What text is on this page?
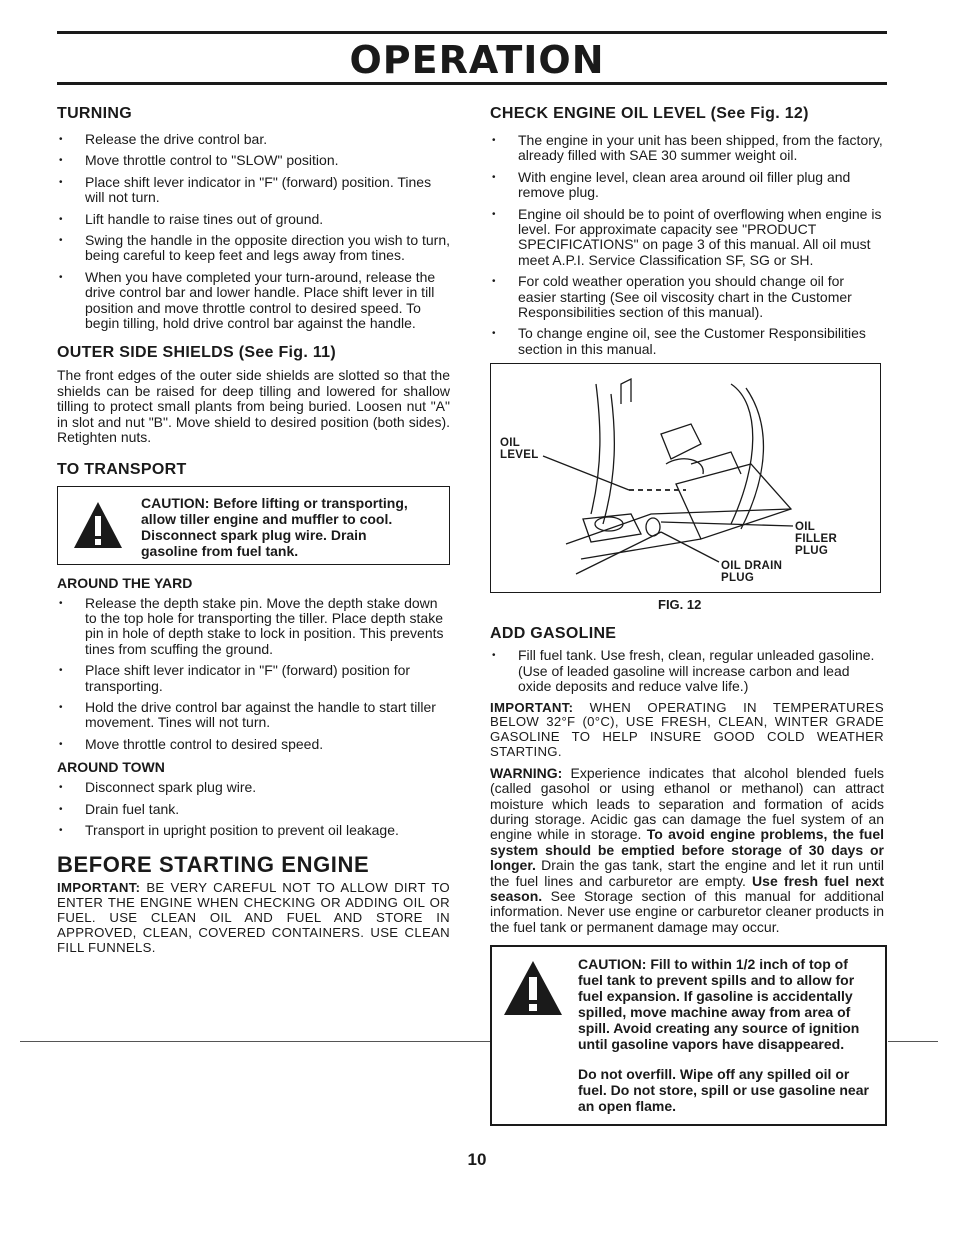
OPERATION
TURNING
• Release the drive control bar.
• Move throttle control to "SLOW" position.
• Place shift lever indicator in "F" (forward) position. Tines will not turn.
• Lift handle to raise tines out of ground.
• Swing the handle in the opposite direction you wish to turn, being careful to keep feet and legs away from tines.
• When you have completed your turn-around, release the drive control bar and lower handle. Place shift lever in till position and move throttle control to desired speed. To begin tilling, hold drive control bar against the handle.
OUTER SIDE SHIELDS (See Fig. 11)

The front edges of the outer side shields are slotted so that the shields can be raised for deep tilling and lowered for shallow tilling to protect small plants from being buried. Loosen nut "A" in slot and nut "B". Move shield to desired position (both sides). Retighten nuts.

TO TRANSPORT
CAUTION: Before lifting or transporting, allow tiller engine and muffler to cool. Disconnect spark plug wire. Drain gasoline from fuel tank.
AROUND THE YARD
• Release the depth stake pin. Move the depth stake down to the top hole for transporting the tiller. Place depth stake pin in hole of depth stake to lock in position. This prevents tines from scuffing the ground.
• Place shift lever indicator in "F" (forward) position for transporting.
• Hold the drive control bar against the handle to start tiller movement. Tines will not turn.
• Move throttle control to desired speed.
AROUND TOWN
• Disconnect spark plug wire.
• Drain fuel tank.
• Transport in upright position to prevent oil leakage.
BEFORE STARTING ENGINE

IMPORTANT: BE VERY CAREFUL NOT TO ALLOW DIRT TO ENTER THE ENGINE WHEN CHECKING OR ADDING OIL OR FUEL. USE CLEAN OIL AND FUEL AND STORE IN APPROVED, CLEAN, COVERED CONTAINERS. USE CLEAN FILL FUNNELS.

CHECK ENGINE OIL LEVEL (See Fig. 12)
• The engine in your unit has been shipped, from the factory, already filled with SAE 30 summer weight oil.
• With engine level, clean area around oil filler plug and remove plug.
• Engine oil should be to point of overflowing when engine is level. For approximate capacity see "PRODUCT SPECIFICATIONS" on page 3 of this manual. All oil must meet A.P.I. Service Classification SF, SG or SH.
• For cold weather operation you should change oil for easier starting (See oil viscosity chart in the Customer Responsibilities section of this manual).
• To change engine oil, see the Customer Responsibilities section in this manual.
OIL
LEVEL
OIL
FILLER
PLUG
OIL DRAIN
PLUG
FIG. 12
ADD GASOLINE
• Fill fuel tank. Use fresh, clean, regular unleaded gasoline. (Use of leaded gasoline will increase carbon and lead oxide deposits and reduce valve life.)

IMPORTANT: WHEN OPERATING IN TEMPERATURES BELOW 32°F (0°C), USE FRESH, CLEAN, WINTER GRADE GASOLINE TO HELP INSURE GOOD COLD WEATHER STARTING.

WARNING: Experience indicates that alcohol blended fuels (called gasohol or using ethanol or methanol) can attract moisture which leads to separation and formation of acids during storage. Acidic gas can damage the fuel system of an engine while in storage. To avoid engine problems, the fuel system should be emptied before storage of 30 days or longer. Drain the gas tank, start the engine and let it run until the fuel lines and carburetor are empty. Use fresh fuel next season. See Storage section of this manual for additional information. Never use engine or carburetor cleaner products in the fuel tank or permanent damage may occur.

CAUTION: Fill to within 1/2 inch of top of fuel tank to prevent spills and to allow for fuel expansion. If gasoline is accidentally spilled, move machine away from area of spill. Avoid creating any source of ignition until gasoline vapors have disappeared.
Do not overfill. Wipe off any spilled oil or fuel. Do not store, spill or use gasoline near an open flame.
10
